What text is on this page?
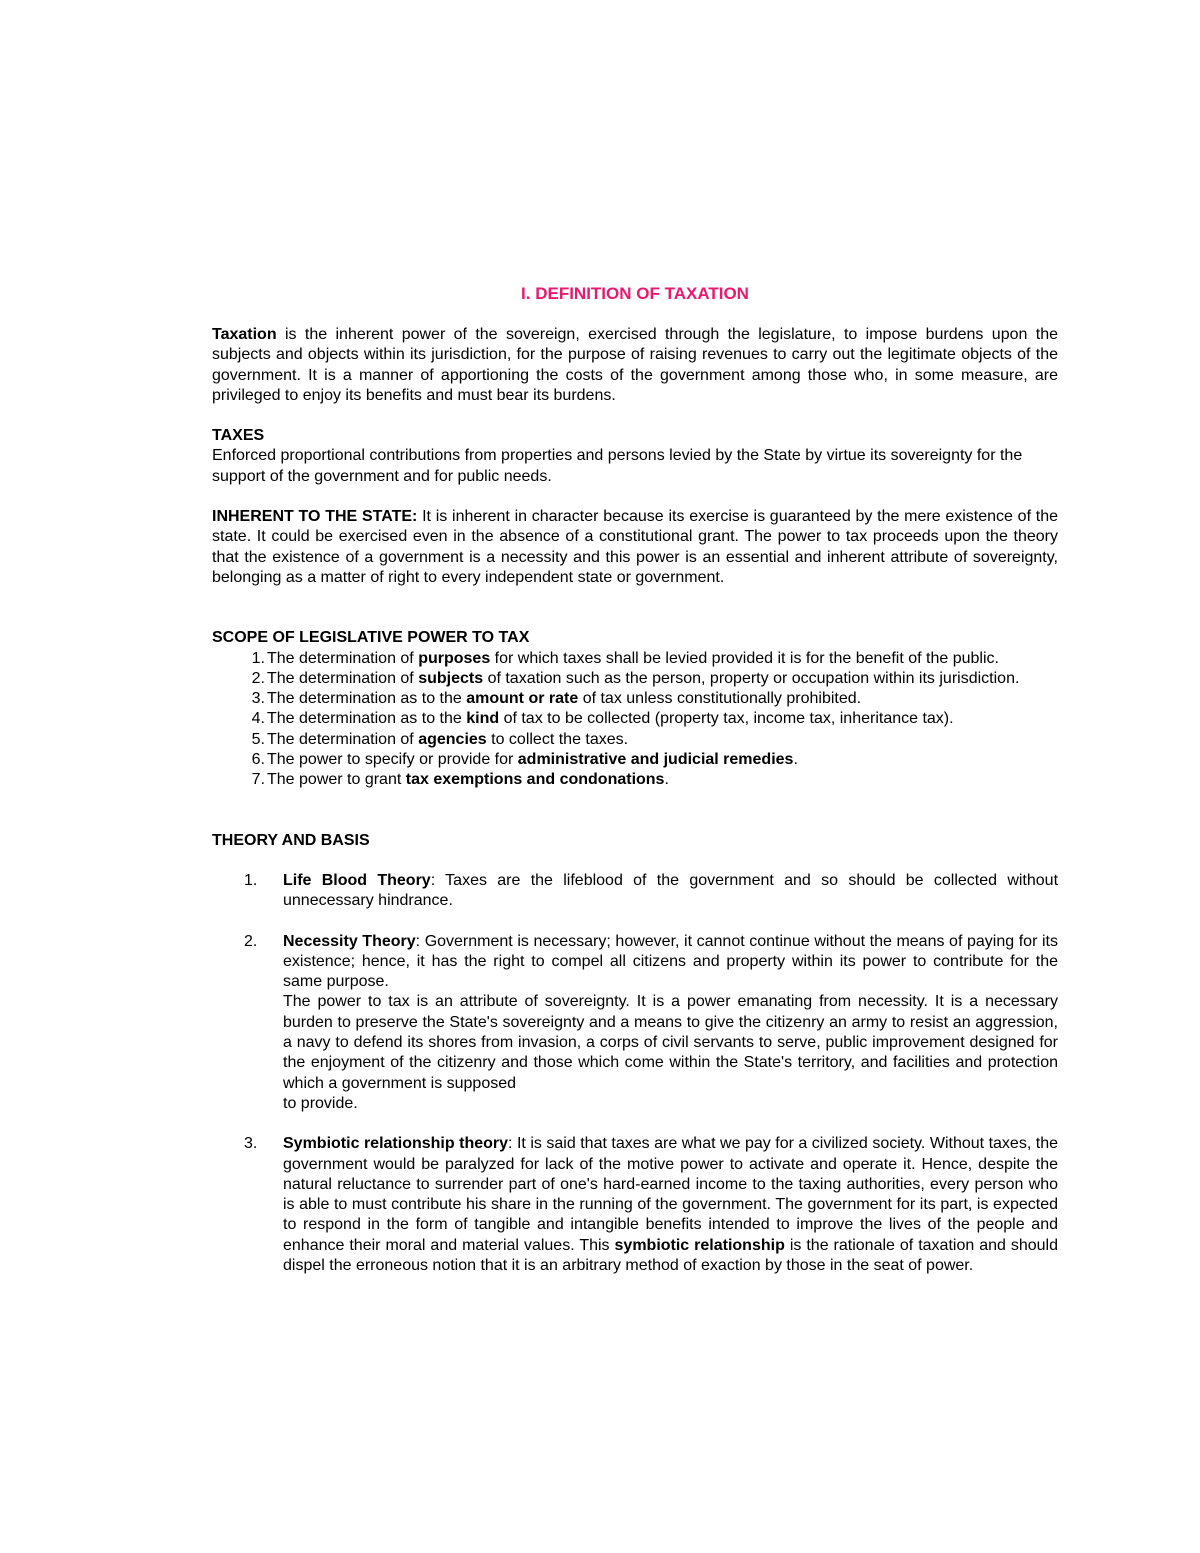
I. DEFINITION OF TAXATION

Taxation is the inherent power of the sovereign, exercised through the legislature, to impose burdens upon the subjects and objects within its jurisdiction, for the purpose of raising revenues to carry out the legitimate objects of the government. It is a manner of apportioning the costs of the government among those who, in some measure, are privileged to enjoy its benefits and must bear its burdens.

TAXES

Enforced proportional contributions from properties and persons levied by the State by virtue its sovereignty for the support of the government and for public needs.

INHERENT TO THE STATE: It is inherent in character because its exercise is guaranteed by the mere existence of the state. It could be exercised even in the absence of a constitutional grant. The power to tax proceeds upon the theory that the existence of a government is a necessity and this power is an essential and inherent attribute of sovereignty, belonging as a matter of right to every independent state or government.

SCOPE OF LEGISLATIVE POWER TO TAX

1. The determination of purposes for which taxes shall be levied provided it is for the benefit of the public.
2. The determination of subjects of taxation such as the person, property or occupation within its jurisdiction.
3. The determination as to the amount or rate of tax unless constitutionally prohibited.
4. The determination as to the kind of tax to be collected (property tax, income tax, inheritance tax).
5. The determination of agencies to collect the taxes.
6. The power to specify or provide for administrative and judicial remedies.
7. The power to grant tax exemptions and condonations.

THEORY AND BASIS

1. Life Blood Theory: Taxes are the lifeblood of the government and so should be collected without unnecessary hindrance.
2. Necessity Theory: Government is necessary; however, it cannot continue without the means of paying for its existence; hence, it has the right to compel all citizens and property within its power to contribute for the same purpose.
The power to tax is an attribute of sovereignty. It is a power emanating from necessity. It is a necessary burden to preserve the State's sovereignty and a means to give the citizenry an army to resist an aggression, a navy to defend its shores from invasion, a corps of civil servants to serve, public improvement designed for the enjoyment of the citizenry and those which come within the State's territory, and facilities and protection which a government is supposed
to provide.
3. Symbiotic relationship theory: It is said that taxes are what we pay for a civilized society. Without taxes, the government would be paralyzed for lack of the motive power to activate and operate it. Hence, despite the natural reluctance to surrender part of one's hard-earned income to the taxing authorities, every person who is able to must contribute his share in the running of the government. The government for its part, is expected to respond in the form of tangible and intangible benefits intended to improve the lives of the people and enhance their moral and material values. This symbiotic relationship is the rationale of taxation and should dispel the erroneous notion that it is an arbitrary method of exaction by those in the seat of power.
